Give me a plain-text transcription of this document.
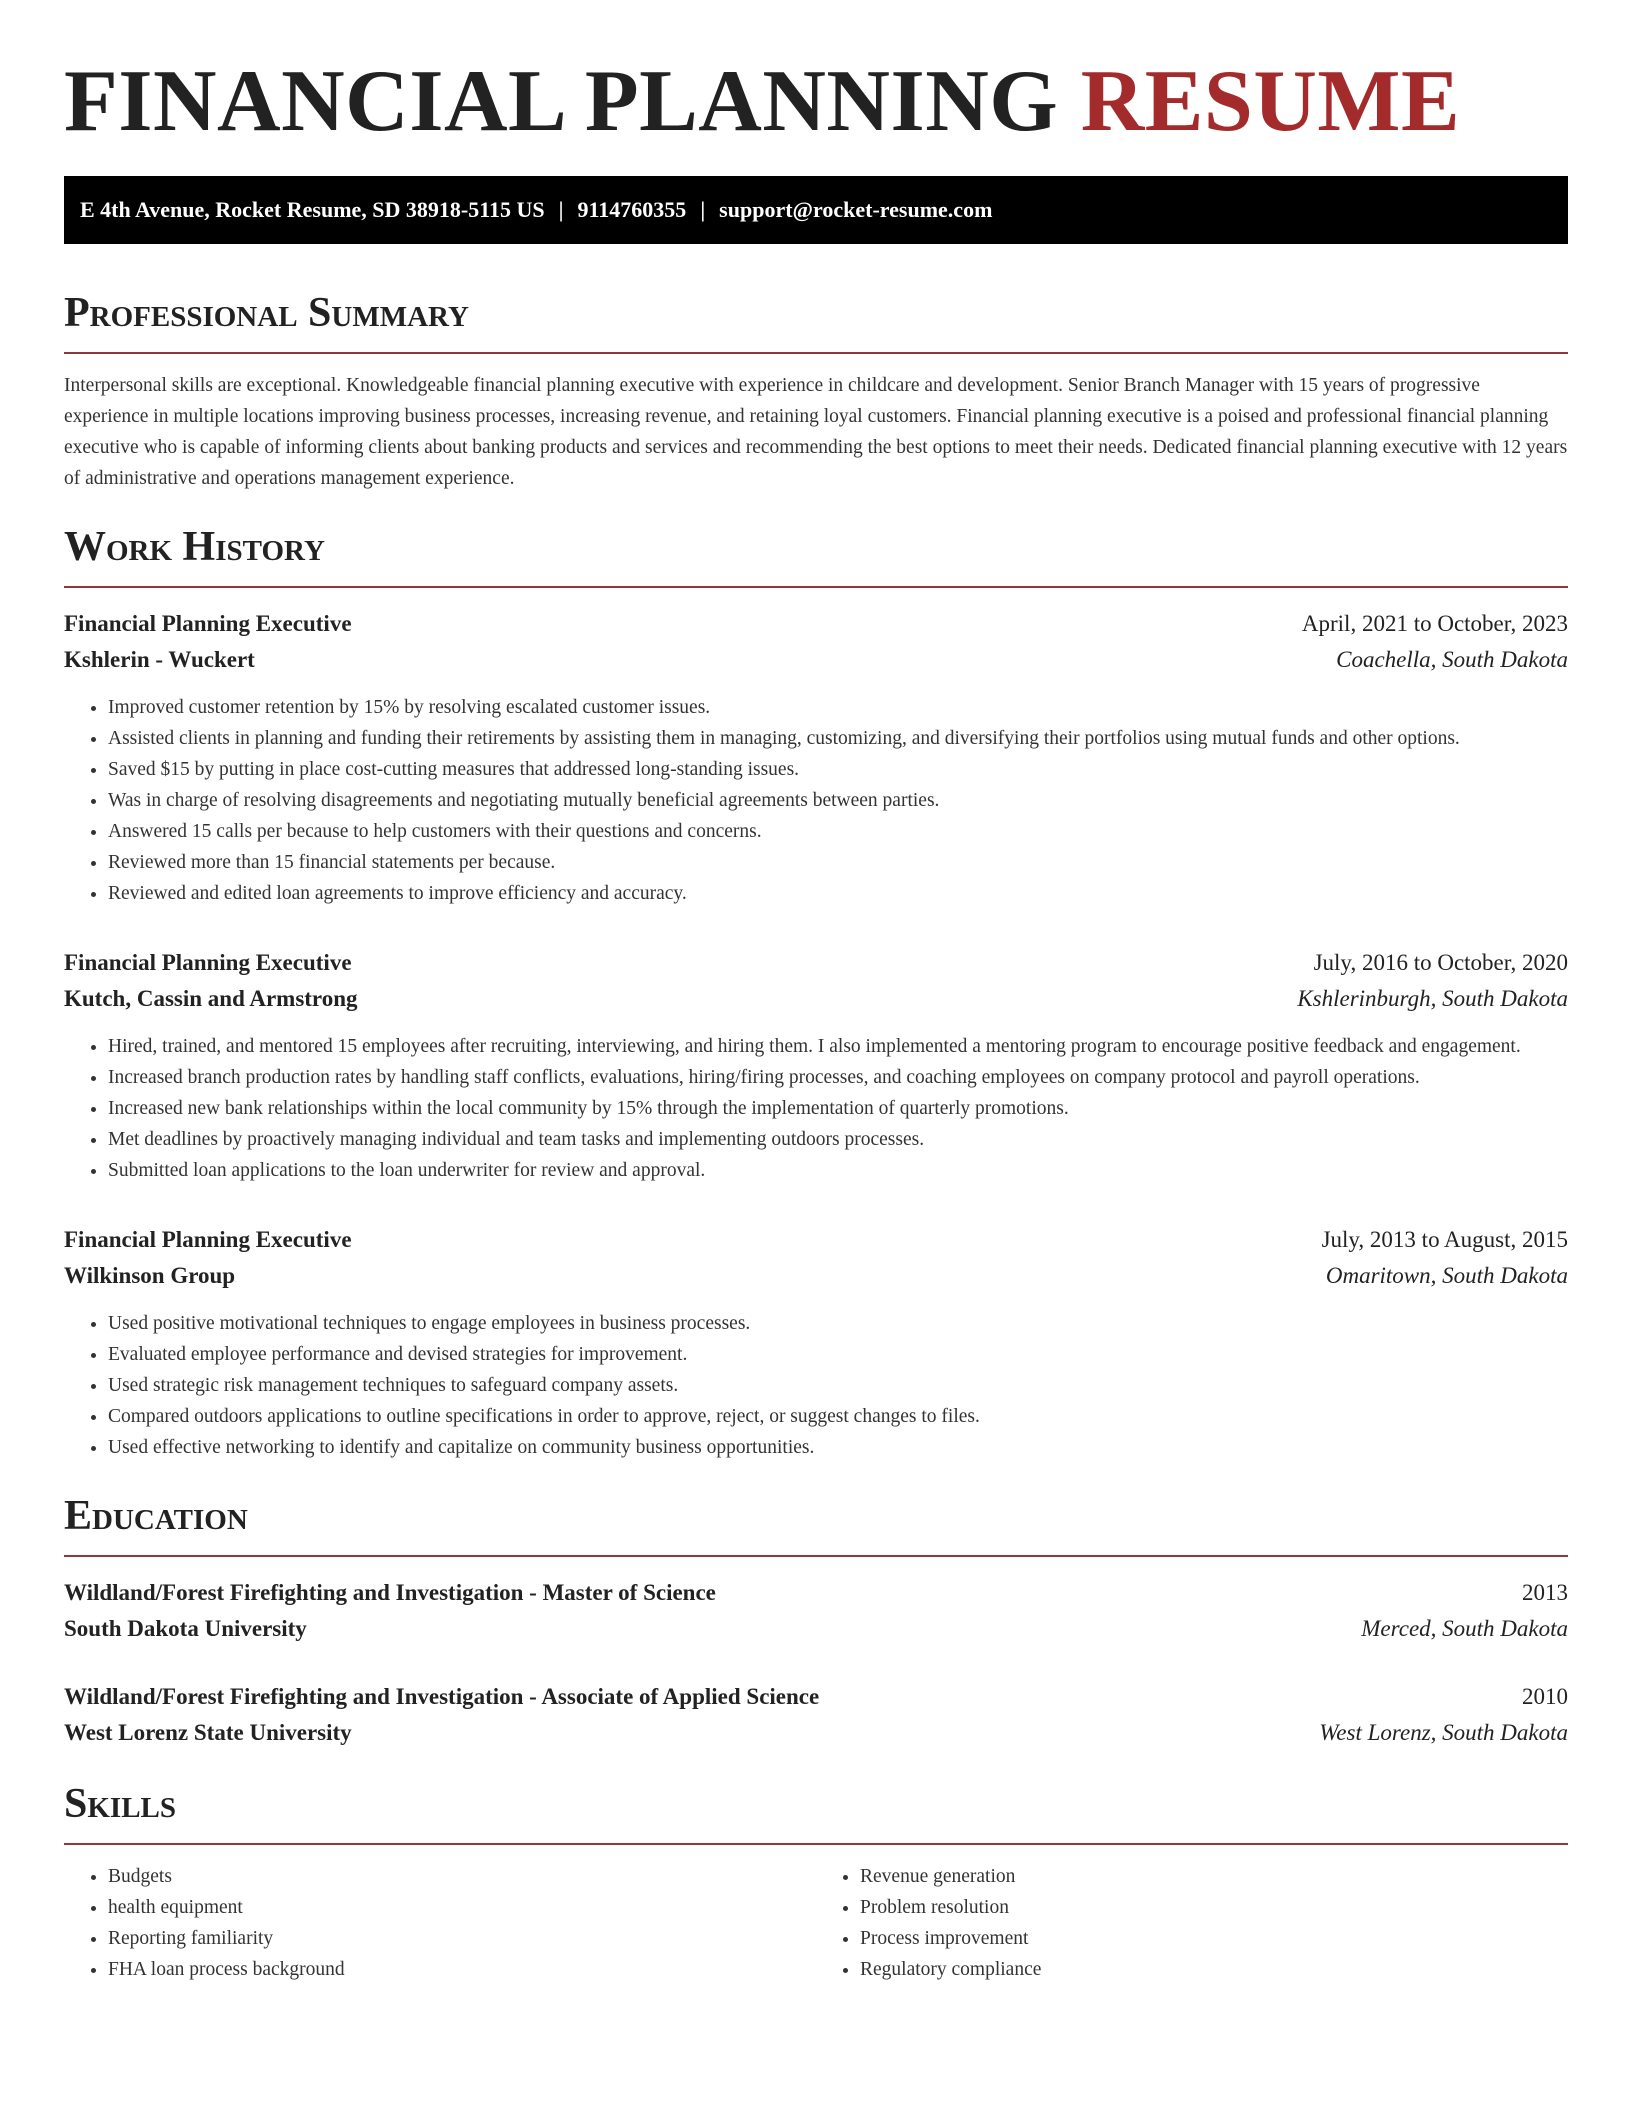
FINANCIAL PLANNING RESUME
E 4th Avenue, Rocket Resume, SD 38918-5115 US | 9114760355 | support@rocket-resume.com
Professional Summary

Interpersonal skills are exceptional. Knowledgeable financial planning executive with experience in childcare and development. Senior Branch Manager with 15 years of progressive experience in multiple locations improving business processes, increasing revenue, and retaining loyal customers. Financial planning executive is a poised and professional financial planning executive who is capable of informing clients about banking products and services and recommending the best options to meet their needs. Dedicated financial planning executive with 12 years of administrative and operations management experience.

Work History
Financial Planning Executive	April, 2021 to October, 2023
Kshlerin - Wuckert	Coachella, South Dakota
• Improved customer retention by 15% by resolving escalated customer issues.
• Assisted clients in planning and funding their retirements by assisting them in managing, customizing, and diversifying their portfolios using mutual funds and other options.
• Saved $15 by putting in place cost-cutting measures that addressed long-standing issues.
• Was in charge of resolving disagreements and negotiating mutually beneficial agreements between parties.
• Answered 15 calls per because to help customers with their questions and concerns.
• Reviewed more than 15 financial statements per because.
• Reviewed and edited loan agreements to improve efficiency and accuracy.
Financial Planning Executive	July, 2016 to October, 2020
Kutch, Cassin and Armstrong	Kshlerinburgh, South Dakota
• Hired, trained, and mentored 15 employees after recruiting, interviewing, and hiring them. I also implemented a mentoring program to encourage positive feedback and engagement.
• Increased branch production rates by handling staff conflicts, evaluations, hiring/firing processes, and coaching employees on company protocol and payroll operations.
• Increased new bank relationships within the local community by 15% through the implementation of quarterly promotions.
• Met deadlines by proactively managing individual and team tasks and implementing outdoors processes.
• Submitted loan applications to the loan underwriter for review and approval.
Financial Planning Executive	July, 2013 to August, 2015
Wilkinson Group	Omaritown, South Dakota
• Used positive motivational techniques to engage employees in business processes.
• Evaluated employee performance and devised strategies for improvement.
• Used strategic risk management techniques to safeguard company assets.
• Compared outdoors applications to outline specifications in order to approve, reject, or suggest changes to files.
• Used effective networking to identify and capitalize on community business opportunities.
Education
Wildland/Forest Firefighting and Investigation - Master of Science	2013
South Dakota University	Merced, South Dakota
Wildland/Forest Firefighting and Investigation - Associate of Applied Science	2010
West Lorenz State University	West Lorenz, South Dakota
Skills
• Budgets
• health equipment
• Reporting familiarity
• FHA loan process background
• Revenue generation
• Problem resolution
• Process improvement
• Regulatory compliance
